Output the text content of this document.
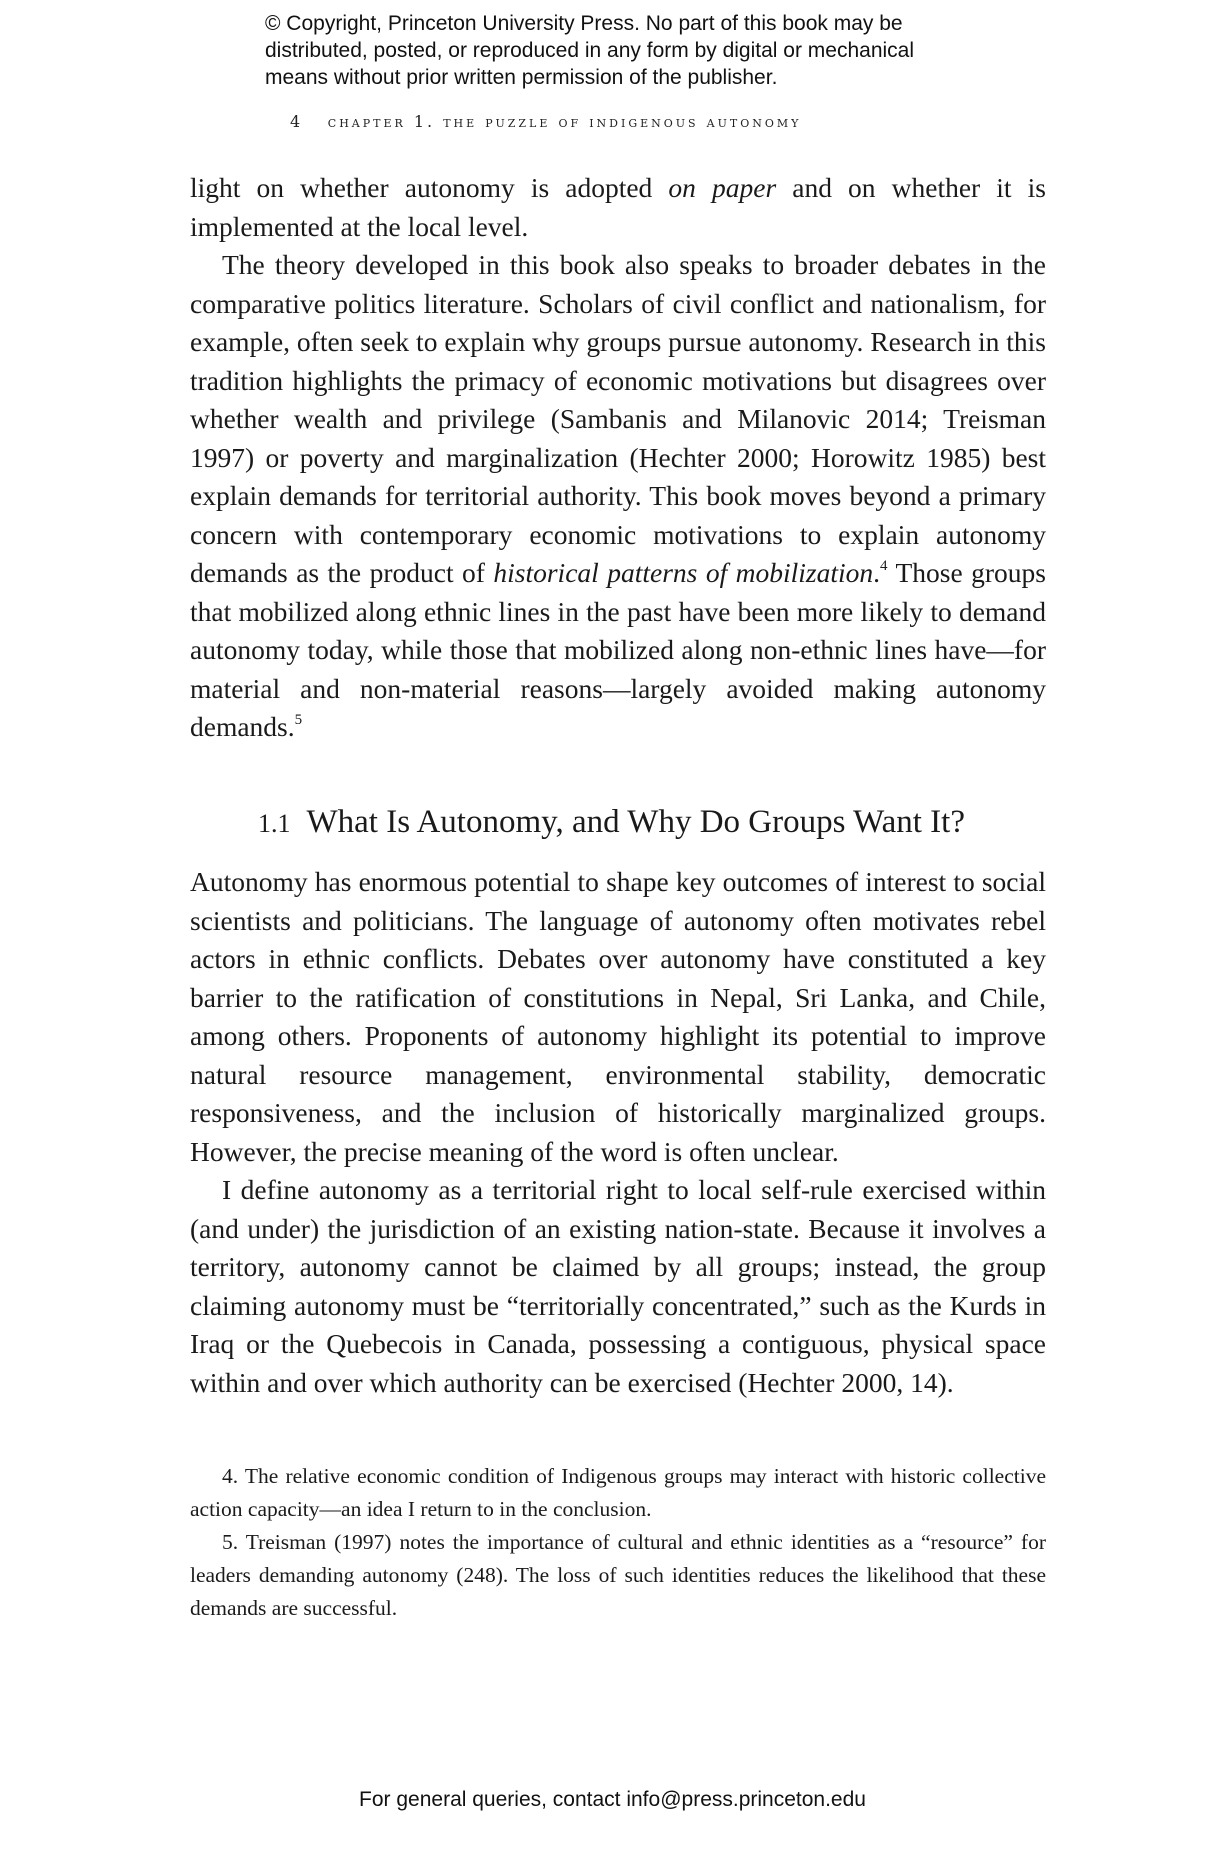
© Copyright, Princeton University Press. No part of this book may be
distributed, posted, or reproduced in any form by digital or mechanical
means without prior written permission of the publisher.
4 chapter 1. the puzzle of indigenous autonomy

light on whether autonomy is adopted on paper and on whether it is implemented at the local level.

The theory developed in this book also speaks to broader debates in the comparative politics literature. Scholars of civil conflict and nationalism, for example, often seek to explain why groups pursue autonomy. Research in this tradition highlights the primacy of economic motivations but disagrees over whether wealth and privilege (Sambanis and Milanovic 2014; Treisman 1997) or poverty and marginalization (Hechter 2000; Horowitz 1985) best explain demands for territorial authority. This book moves beyond a primary concern with contemporary economic motivations to explain autonomy demands as the product of historical patterns of mobilization.$^4$ Those groups that mobilized along ethnic lines in the past have been more likely to demand autonomy today, while those that mobilized along non-ethnic lines have—for material and non-material reasons—largely avoided making autonomy demands.$^5$

1.1 What Is Autonomy, and Why Do Groups Want It?

Autonomy has enormous potential to shape key outcomes of interest to social scientists and politicians. The language of autonomy often motivates rebel actors in ethnic conflicts. Debates over autonomy have constituted a key barrier to the ratification of constitutions in Nepal, Sri Lanka, and Chile, among others. Proponents of autonomy highlight its potential to improve natural resource management, environmental stability, democratic responsiveness, and the inclusion of historically marginalized groups. However, the precise meaning of the word is often unclear.

I define autonomy as a territorial right to local self-rule exercised within (and under) the jurisdiction of an existing nation-state. Because it involves a territory, autonomy cannot be claimed by all groups; instead, the group claiming autonomy must be “territorially concentrated,” such as the Kurds in Iraq or the Quebecois in Canada, possessing a contiguous, physical space within and over which authority can be exercised (Hechter 2000, 14).

4. The relative economic condition of Indigenous groups may interact with historic collective action capacity—an idea I return to in the conclusion.

5. Treisman (1997) notes the importance of cultural and ethnic identities as a “resource” for leaders demanding autonomy (248). The loss of such identities reduces the likelihood that these demands are successful.

For general queries, contact info@press.princeton.edu
